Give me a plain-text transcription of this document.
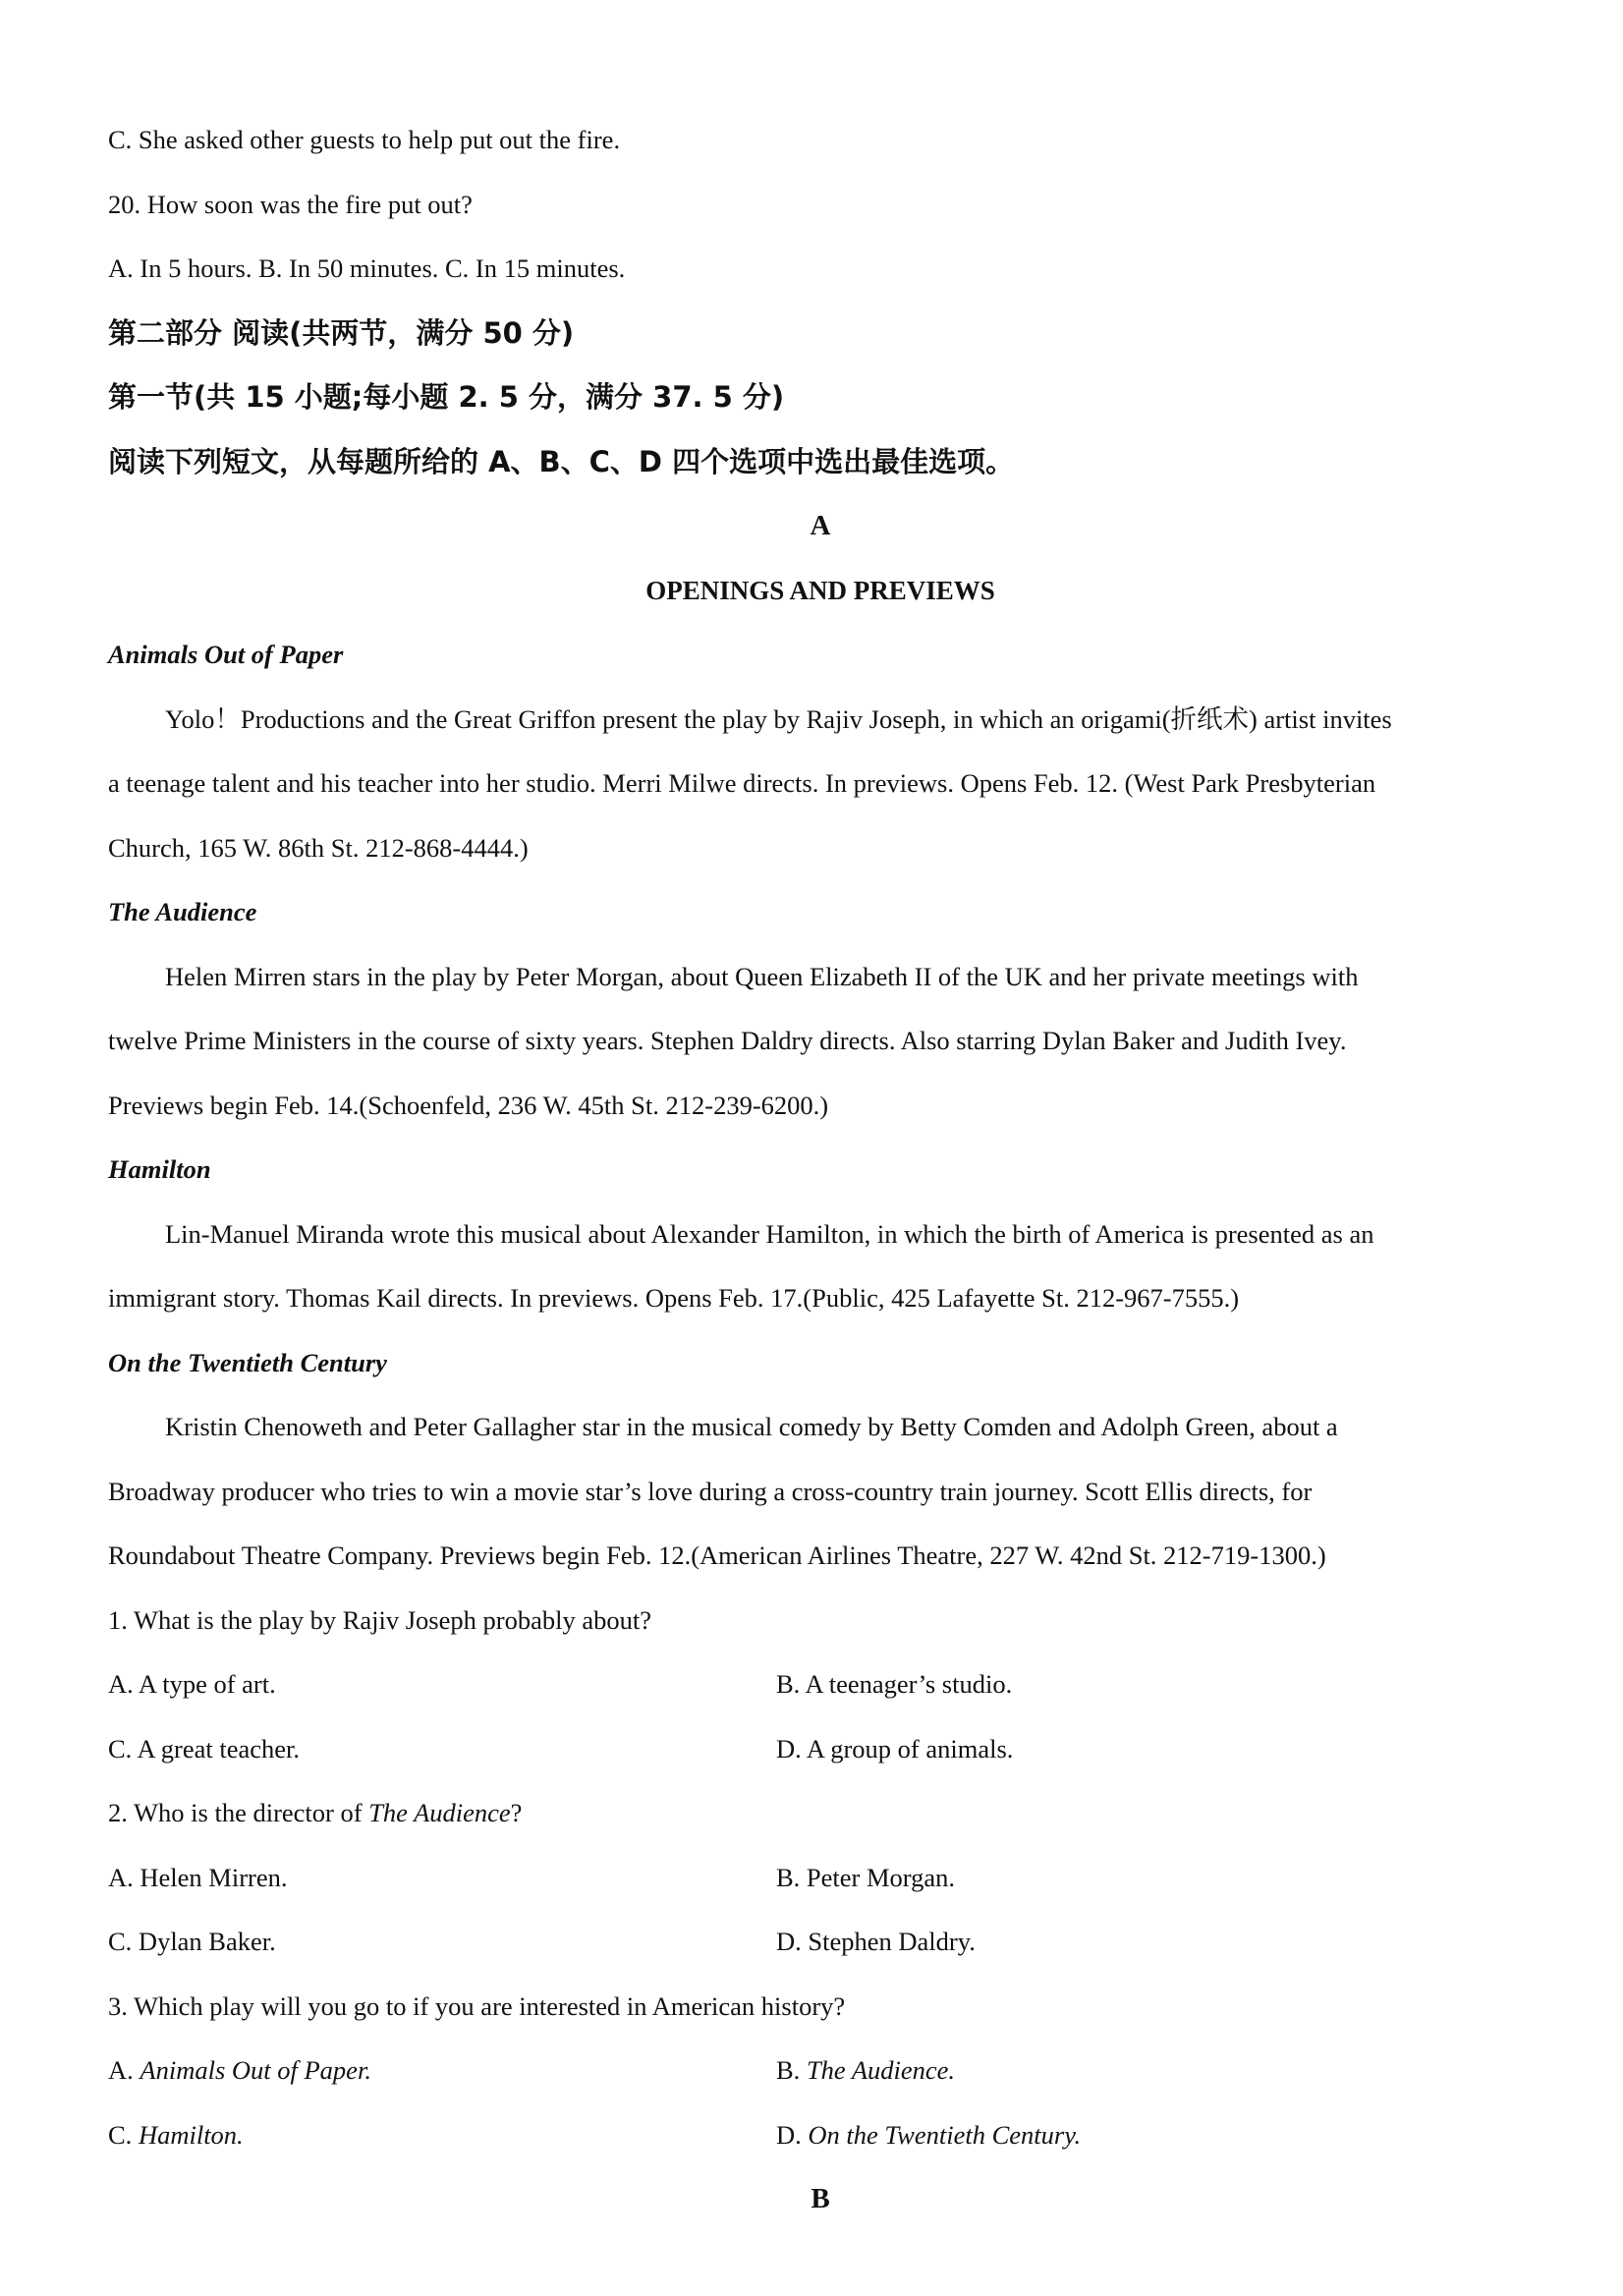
C. She asked other guests to help put out the fire.
20. How soon was the fire put out?
A. In 5 hours. B. In 50 minutes. C. In 15 minutes.
第二部分 阅读(共两节，满分 50 分)
第一节(共 15 小题;每小题 2. 5 分，满分 37. 5 分)
阅读下列短文，从每题所给的 A、B、C、D 四个选项中选出最佳选项。
A
OPENINGS AND PREVIEWS
Animals Out of Paper
Yolo！Productions and the Great Griffon present the play by Rajiv Joseph, in which an origami(折纸术) artist invites
a teenage talent and his teacher into her studio. Merri Milwe directs. In previews. Opens Feb. 12. (West Park Presbyterian
Church, 165 W. 86th St. 212-868-4444.)
The Audience
Helen Mirren stars in the play by Peter Morgan, about Queen Elizabeth II of the UK and her private meetings with
twelve Prime Ministers in the course of sixty years. Stephen Daldry directs. Also starring Dylan Baker and Judith Ivey.
Previews begin Feb. 14.(Schoenfeld, 236 W. 45th St. 212-239-6200.)
Hamilton
Lin-Manuel Miranda wrote this musical about Alexander Hamilton, in which the birth of America is presented as an
immigrant story. Thomas Kail directs. In previews. Opens Feb. 17.(Public, 425 Lafayette St. 212-967-7555.)
On the Twentieth Century
Kristin Chenoweth and Peter Gallagher star in the musical comedy by Betty Comden and Adolph Green, about a
Broadway producer who tries to win a movie star’s love during a cross-country train journey. Scott Ellis directs, for
Roundabout Theatre Company. Previews begin Feb. 12.(American Airlines Theatre, 227 W. 42nd St. 212-719-1300.)
1. What is the play by Rajiv Joseph probably about?
A. A type of art.	B. A teenager’s studio.
C. A great teacher.	D. A group of animals.
2. Who is the director of The Audience?
A. Helen Mirren.	B. Peter Morgan.
C. Dylan Baker.	D. Stephen Daldry.
3. Which play will you go to if you are interested in American history?
A. Animals Out of Paper.	B. The Audience.
C. Hamilton.	D. On the Twentieth Century.
B
